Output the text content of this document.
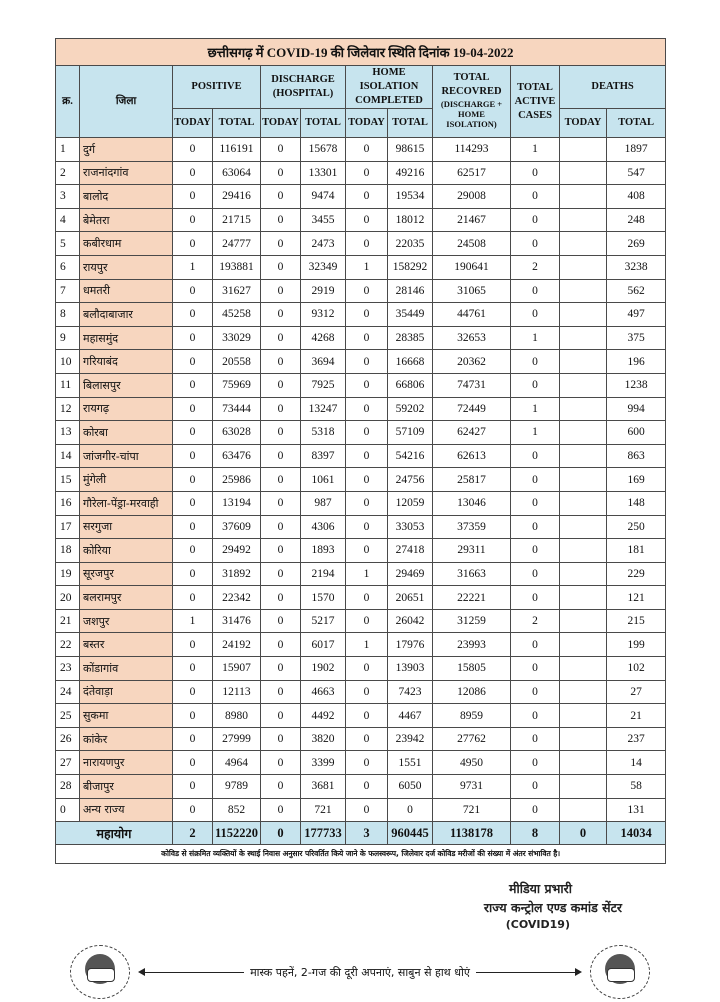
छत्तीसगढ़ में COVID-19 की जिलेवार स्थिति दिनांक 19-04-2022											
क्र.	जिला	POSITIVE		DISCHARGE (HOSPITAL)		HOME ISOLATION COMPLETED		TOTAL RECOVRED
(DISCHARGE + HOME ISOLATION)	TOTAL ACTIVE CASES	DEATHS	
		TODAY	TOTAL	TODAY	TOTAL	TODAY	TOTAL			TODAY	TOTAL
1	दुर्ग	0	116191	0	15678	0	98615	114293	1		1897
2	राजनांदगांव	0	63064	0	13301	0	49216	62517	0		547
3	बालोद	0	29416	0	9474	0	19534	29008	0		408
4	बेमेतरा	0	21715	0	3455	0	18012	21467	0		248
5	कबीरधाम	0	24777	0	2473	0	22035	24508	0		269
6	रायपुर	1	193881	0	32349	1	158292	190641	2		3238
7	धमतरी	0	31627	0	2919	0	28146	31065	0		562
8	बलौदाबाजार	0	45258	0	9312	0	35449	44761	0		497
9	महासमुंद	0	33029	0	4268	0	28385	32653	1		375
10	गरियाबंद	0	20558	0	3694	0	16668	20362	0		196
11	बिलासपुर	0	75969	0	7925	0	66806	74731	0		1238
12	रायगढ़	0	73444	0	13247	0	59202	72449	1		994
13	कोरबा	0	63028	0	5318	0	57109	62427	1		600
14	जांजगीर-चांपा	0	63476	0	8397	0	54216	62613	0		863
15	मुंगेली	0	25986	0	1061	0	24756	25817	0		169
16	गौरेला-पेंड्रा-मरवाही	0	13194	0	987	0	12059	13046	0		148
17	सरगुजा	0	37609	0	4306	0	33053	37359	0		250
18	कोरिया	0	29492	0	1893	0	27418	29311	0		181
19	सूरजपुर	0	31892	0	2194	1	29469	31663	0		229
20	बलरामपुर	0	22342	0	1570	0	20651	22221	0		121
21	जशपुर	1	31476	0	5217	0	26042	31259	2		215
22	बस्तर	0	24192	0	6017	1	17976	23993	0		199
23	कोंडागांव	0	15907	0	1902	0	13903	15805	0		102
24	दंतेवाड़ा	0	12113	0	4663	0	7423	12086	0		27
25	सुकमा	0	8980	0	4492	0	4467	8959	0		21
26	कांकेर	0	27999	0	3820	0	23942	27762	0		237
27	नारायणपुर	0	4964	0	3399	0	1551	4950	0		14
28	बीजापुर	0	9789	0	3681	0	6050	9731	0		58
0	अन्य राज्य	0	852	0	721	0	0	721	0		131
महायोग		2	1152220	0	177733	3	960445	1138178	8	0	14034
कोविड से संक्रमित व्यक्तियों के स्थाई निवास अनुसार परिवर्तित किये जाने के फलस्वरूप, जिलेवार दर्ज कोविड मरीजों की संख्या में अंतर संभावित है।											
मीडिया प्रभारी
राज्य कन्ट्रोल एण्ड कमांड सेंटर
(COVID19)
मास्क पहनें, 2-गज की दूरी अपनाएं, साबुन से हाथ धोएं
